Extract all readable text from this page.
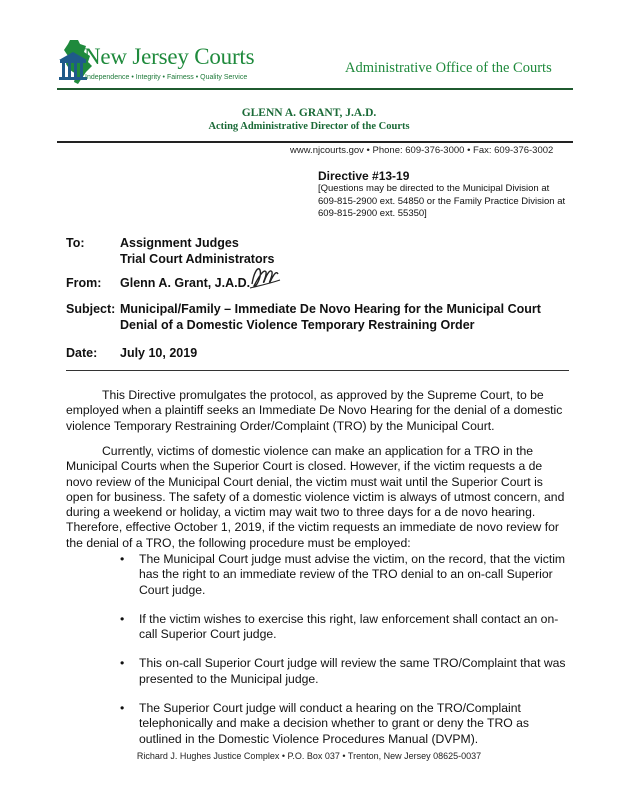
New Jersey Courts
Independence • Integrity • Fairness • Quality Service
Administrative Office of the Courts
GLENN A. GRANT, J.A.D.
Acting Administrative Director of the Courts
www.njcourts.gov • Phone: 609-376-3000 • Fax: 609-376-3002
Directive #13-19
[Questions may be directed to the Municipal Division at 609-815-2900 ext. 54850 or the Family Practice Division at 609-815-2900 ext. 55350]
To:	Assignment Judges
Trial Court Administrators
From: Glenn A. Grant, J.A.D.
Subject: Municipal/Family – Immediate De Novo Hearing for the Municipal Court
Denial of a Domestic Violence Temporary Restraining Order
Date: July 10, 2019
This Directive promulgates the protocol, as approved by the Supreme Court, to be employed when a plaintiff seeks an Immediate De Novo Hearing for the denial of a domestic violence Temporary Restraining Order/Complaint (TRO) by the Municipal Court.
Currently, victims of domestic violence can make an application for a TRO in the Municipal Courts when the Superior Court is closed. However, if the victim requests a de novo review of the Municipal Court denial, the victim must wait until the Superior Court is open for business. The safety of a domestic violence victim is always of utmost concern, and during a weekend or holiday, a victim may wait two to three days for a de novo hearing. Therefore, effective October 1, 2019, if the victim requests an immediate de novo review for the denial of a TRO, the following procedure must be employed:
• The Municipal Court judge must advise the victim, on the record, that the victim has the right to an immediate review of the TRO denial to an on-call Superior Court judge.
• If the victim wishes to exercise this right, law enforcement shall contact an on-call Superior Court judge.
• This on-call Superior Court judge will review the same TRO/Complaint that was presented to the Municipal judge.
• The Superior Court judge will conduct a hearing on the TRO/Complaint telephonically and make a decision whether to grant or deny the TRO as outlined in the Domestic Violence Procedures Manual (DVPM).
Richard J. Hughes Justice Complex • P.O. Box 037 • Trenton, New Jersey 08625-0037
